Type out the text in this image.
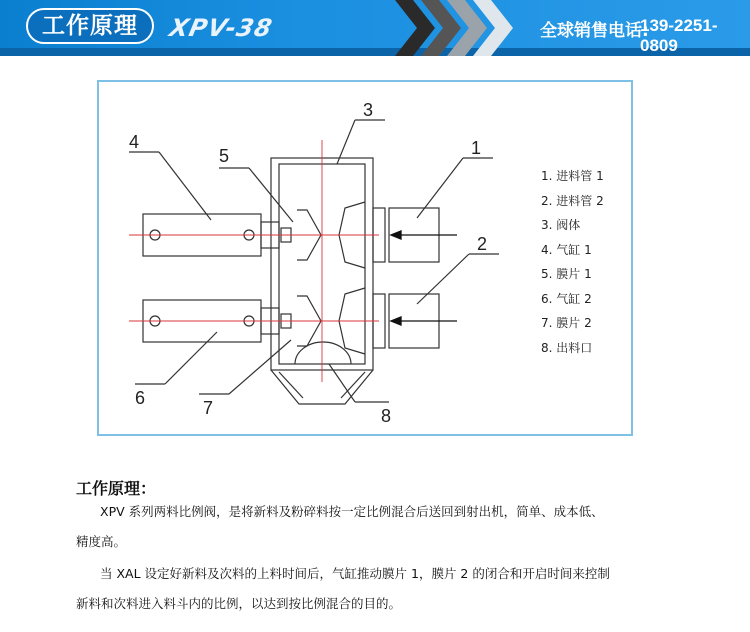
工作原理	XPV-38	全球销售电话:
139-2251-0809
4
5
3
1
2
6	7	8
1. 进料管 1
2. 进料管 2
3. 阀体
4. 气缸 1
5. 膜片 1
6. 气缸 2
7. 膜片 2
8. 出料口
工作原理：
XPV 系列两料比例阀，是将新料及粉碎料按一定比例混合后送回到射出机，简单、成本低、
精度高。
当 XAL 设定好新料及次料的上料时间后，气缸推动膜片 1，膜片 2 的闭合和开启时间来控制
新料和次料进入料斗内的比例，以达到按比例混合的目的。
